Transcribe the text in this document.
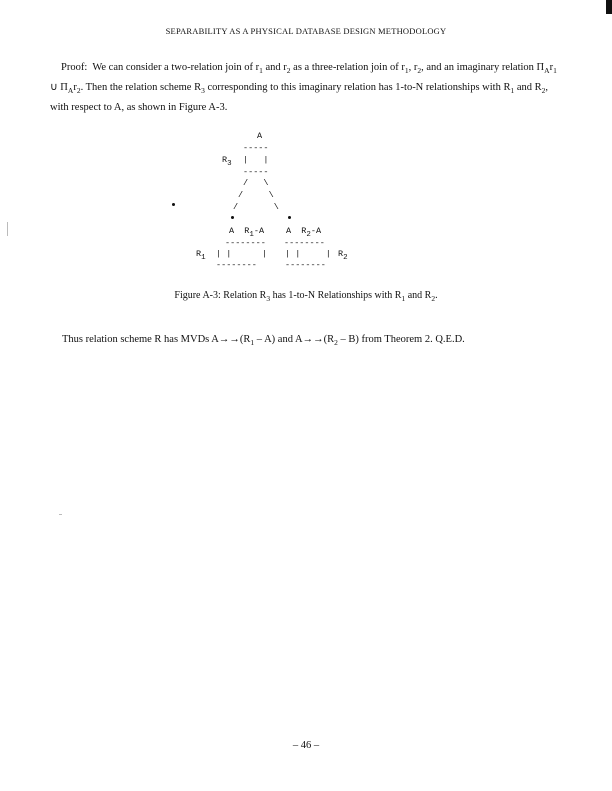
SEPARABILITY AS A PHYSICAL DATABASE DESIGN METHODOLOGY
Proof: We can consider a two-relation join of $r_1$ and $r_2$ as a three-relation join of $r_1$, $r_2$, and an imaginary relation $\Pi_Ar_1$ ∪ $\Pi_Ar_2$. Then the relation scheme $R_3$ corresponding to this imaginary relation has 1-to-N relationships with $R_1$ and $R_2$, with respect to A, as shown in Figure A-3.
A
-----
$R_3$ |   |
-----
/   \
/     \
/       \
A  $R_1-A$	A  $R_2-A$
-------- --------
$R_1$ | |      | | |     | $R_2$
--------	--------
Figure A-3: Relation $R_3$ has 1-to-N Relationships with $R_1$ and $R_2$.
Thus relation scheme R has MVDs $A\to\to(R_1 - A)$ and $A\to\to(R_2 - B)$ from Theorem 2. Q.E.D.
– 46 –
